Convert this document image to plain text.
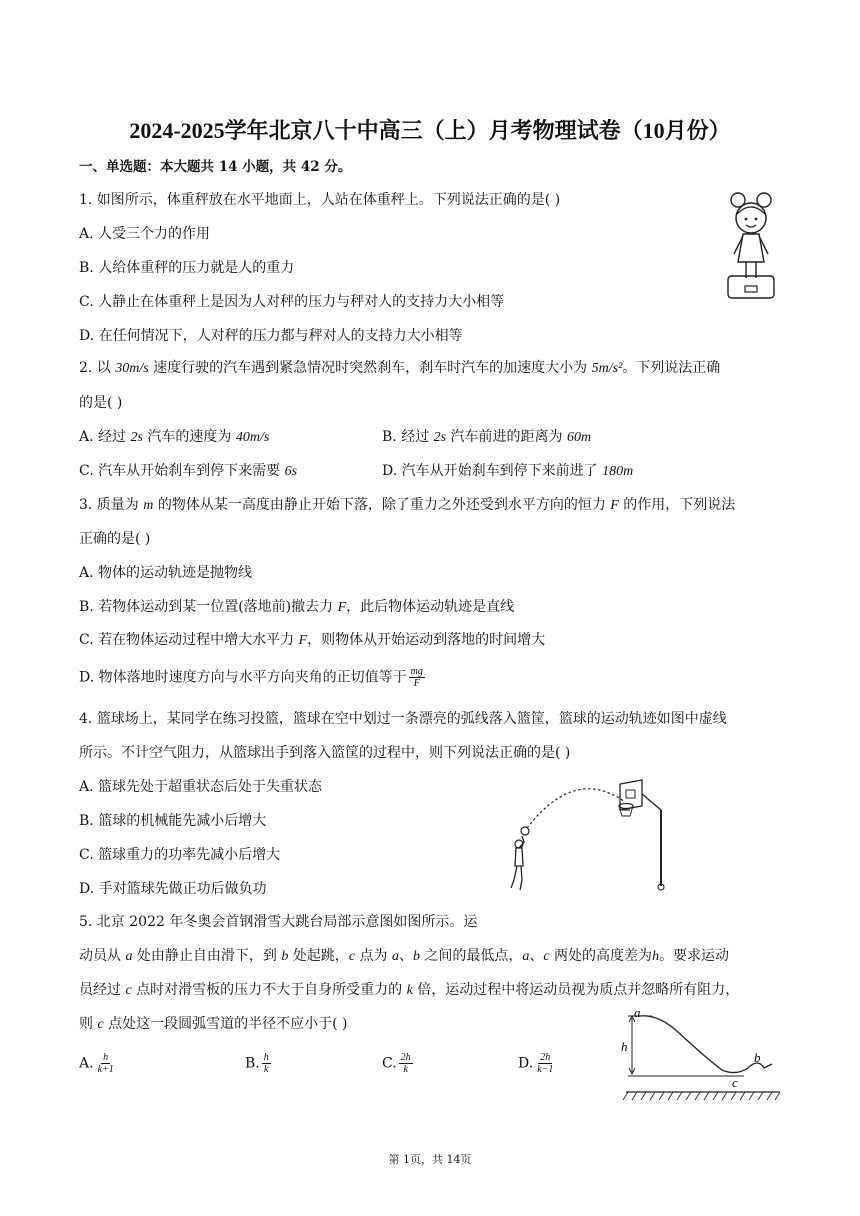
2024-2025学年北京八十中高三（上）月考物理试卷（10月份）
一、单选题：本大题共 14 小题，共 42 分。
1. 如图所示，体重秤放在水平地面上，人站在体重秤上。下列说法正确的是( )
A. 人受三个力的作用
B. 人给体重秤的压力就是人的重力
C. 人静止在体重秤上是因为人对秤的压力与秤对人的支持力大小相等
D. 在任何情况下，人对秤的压力都与秤对人的支持力大小相等
2. 以 30m/s 速度行驶的汽车遇到紧急情况时突然刹车，刹车时汽车的加速度大小为 5m/s²。下列说法正确
的是( )
A. 经过 2s 汽车的速度为 40m/s	B. 经过 2s 汽车前进的距离为 60m
C. 汽车从开始刹车到停下来需要 6s	D. 汽车从开始刹车到停下来前进了 180m
3. 质量为 m 的物体从某一高度由静止开始下落，除了重力之外还受到水平方向的恒力 F 的作用，下列说法
正确的是( )
A. 物体的运动轨迹是抛物线
B. 若物体运动到某一位置(落地前)撤去力 F，此后物体运动轨迹是直线
C. 若在物体运动过程中增大水平力 F，则物体从开始运动到落地的时间增大
D. 物体落地时速度方向与水平方向夹角的正切值等于 $\frac{mg}{F}$
4. 篮球场上，某同学在练习投篮，篮球在空中划过一条漂亮的弧线落入篮筐，篮球的运动轨迹如图中虚线
所示。不计空气阻力，从篮球出手到落入篮筐的过程中，则下列说法正确的是( )
A. 篮球先处于超重状态后处于失重状态
B. 篮球的机械能先减小后增大
C. 篮球重力的功率先减小后增大
D. 手对篮球先做正功后做负功
5. 北京 2022 年冬奥会首钢滑雪大跳台局部示意图如图所示。运
动员从 a 处由静止自由滑下，到 b 处起跳，c 点为 a、b 之间的最低点，a、c 两处的高度差为h。要求运动
员经过 c 点时对滑雪板的压力不大于自身所受重力的 k 倍，运动过程中将运动员视为质点并忽略所有阻力，
则 c 点处这一段圆弧雪道的半径不应小于( )
A. $\frac{h}{k+1}$	B. $\frac{h}{k}$	C. $\frac{2h}{k}$	D. $\frac{2h}{k-1}$
a
h
c
b
第 1页，共 14页
